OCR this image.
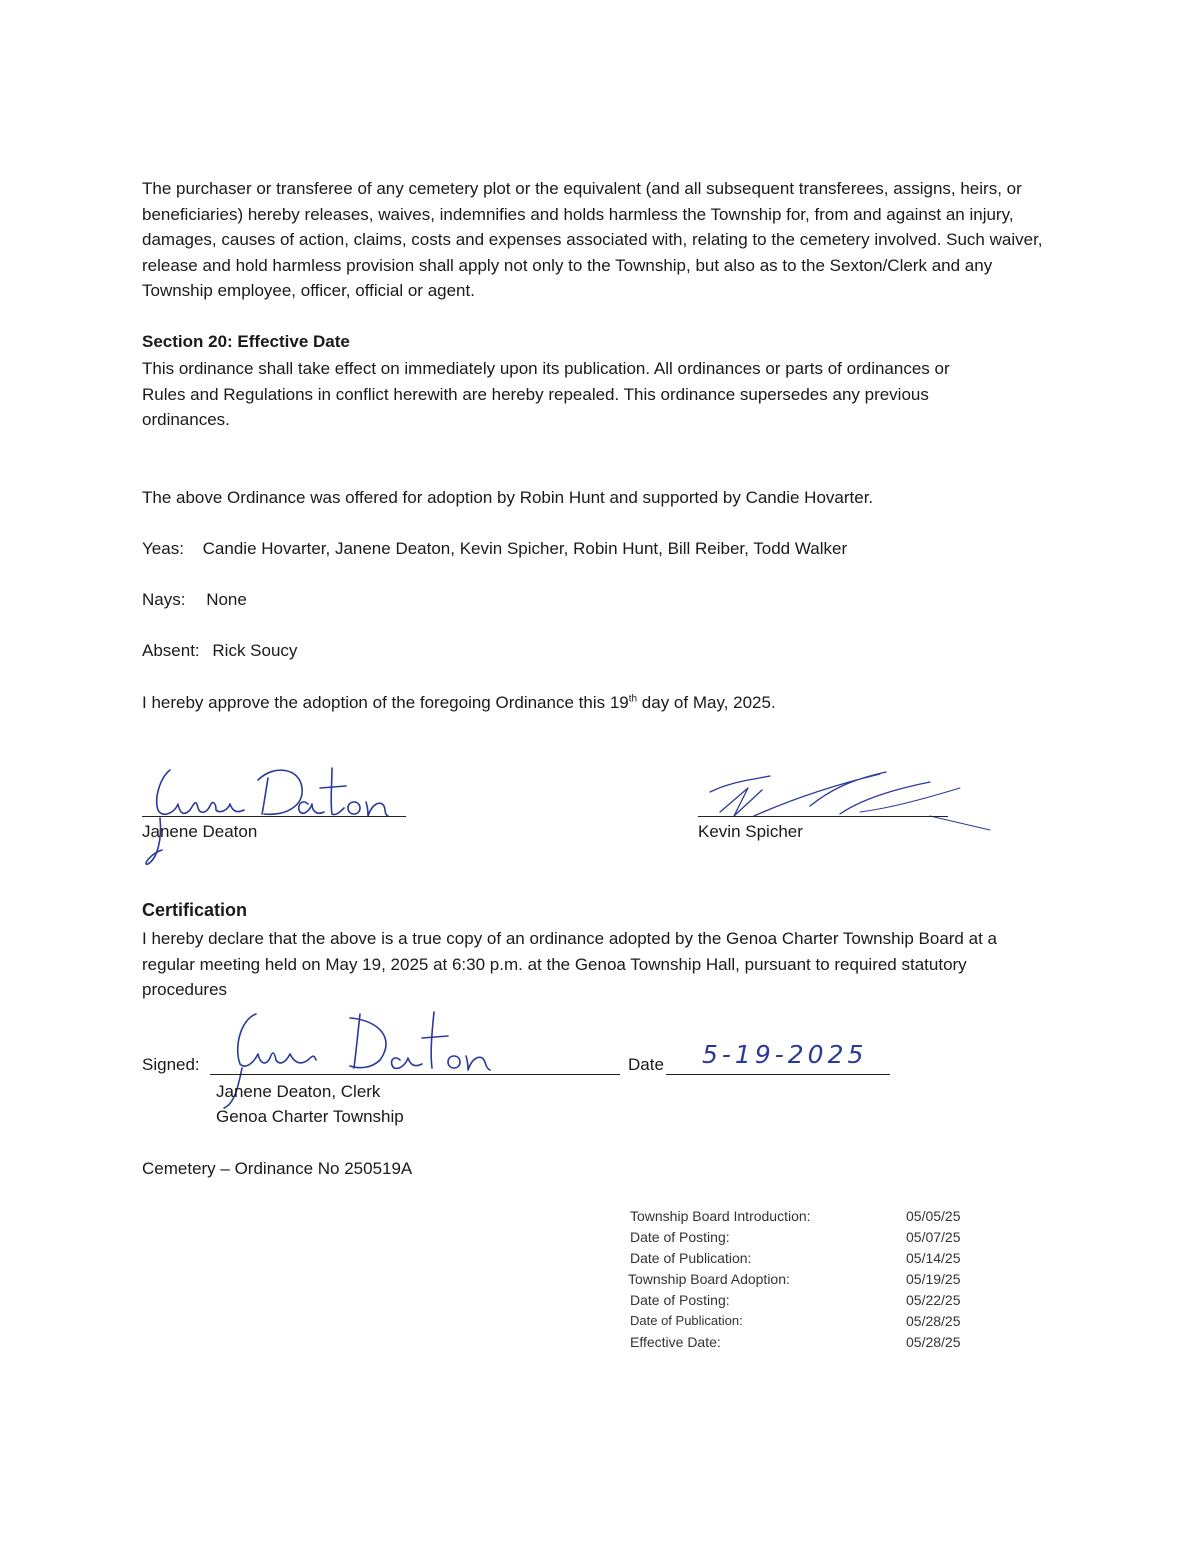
The purchaser or transferee of any cemetery plot or the equivalent (and all subsequent transferees, assigns, heirs, or beneficiaries) hereby releases, waives, indemnifies and holds harmless the Township for, from and against an injury, damages, causes of action, claims, costs and expenses associated with, relating to the cemetery involved. Such waiver, release and hold harmless provision shall apply not only to the Township, but also as to the Sexton/Clerk and any Township employee, officer, official or agent.
Section 20: Effective Date
This ordinance shall take effect on immediately upon its publication. All ordinances or parts of ordinances or Rules and Regulations in conflict herewith are hereby repealed. This ordinance supersedes any previous ordinances.
The above Ordinance was offered for adoption by Robin Hunt and supported by Candie Hovarter.
Yeas: Candie Hovarter, Janene Deaton, Kevin Spicher, Robin Hunt, Bill Reiber, Todd Walker
Nays: None
Absent: Rick Soucy
I hereby approve the adoption of the foregoing Ordinance this 19th day of May, 2025.
Janene Deaton	Kevin Spicher
Certification
I hereby declare that the above is a true copy of an ordinance adopted by the Genoa Charter Township Board at a regular meeting held on May 19, 2025 at 6:30 p.m. at the Genoa Township Hall, pursuant to required statutory procedures
Signed:	Date 5-19-2025
Janene Deaton, Clerk
Genoa Charter Township
Cemetery – Ordinance No 250519A
Township Board Introduction:	05/05/25
Date of Posting:	05/07/25
Date of Publication:	05/14/25
Township Board Adoption:	05/19/25
Date of Posting:	05/22/25
Date of Publication:	05/28/25
Effective Date:	05/28/25
